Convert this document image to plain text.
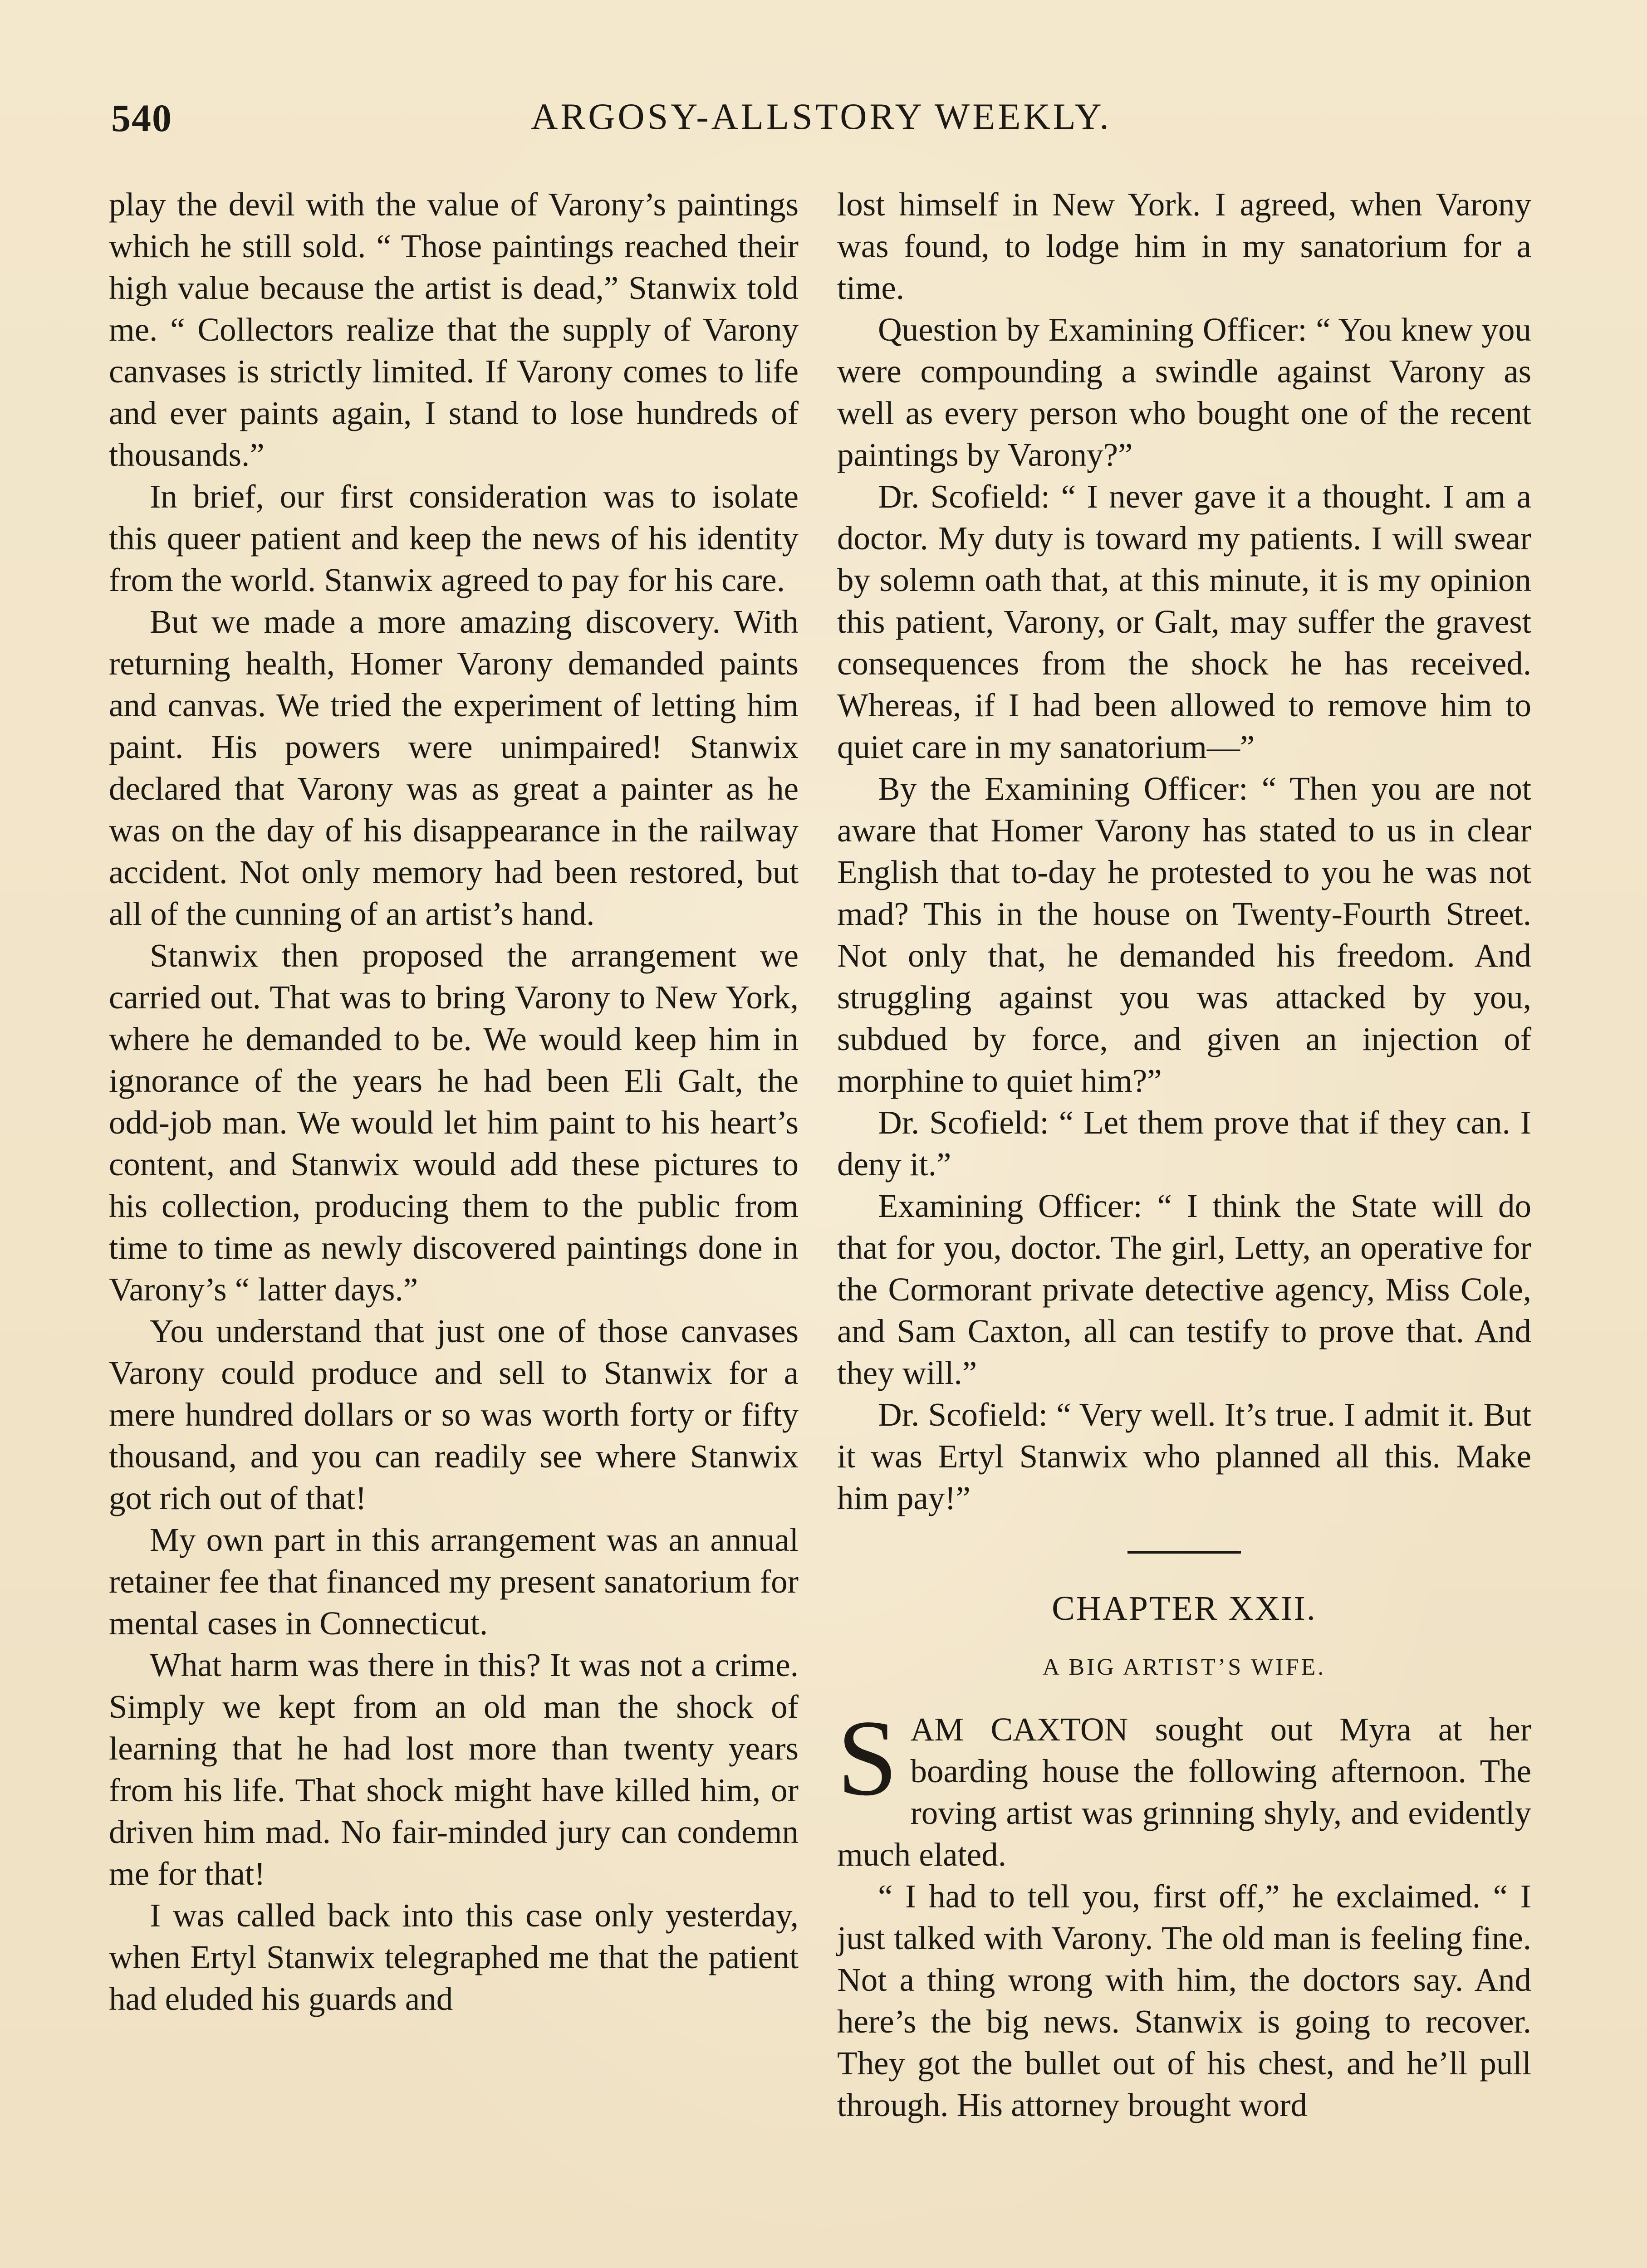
540	ARGOSY-ALLSTORY WEEKLY.

play the devil with the value of Varony’s paintings which he still sold. “ Those paintings reached their high value because the artist is dead,” Stanwix told me. “ Collectors realize that the supply of Varony canvases is strictly limited. If Varony comes to life and ever paints again, I stand to lose hundreds of thousands.”

In brief, our first consideration was to isolate this queer patient and keep the news of his identity from the world. Stanwix agreed to pay for his care.

But we made a more amazing discovery. With returning health, Homer Varony demanded paints and canvas. We tried the experiment of letting him paint. His powers were unimpaired! Stanwix declared that Varony was as great a painter as he was on the day of his disappearance in the railway accident. Not only memory had been restored, but all of the cunning of an artist’s hand.

Stanwix then proposed the arrangement we carried out. That was to bring Varony to New York, where he demanded to be. We would keep him in ignorance of the years he had been Eli Galt, the odd-job man. We would let him paint to his heart’s content, and Stanwix would add these pictures to his collection, producing them to the public from time to time as newly discovered paintings done in Varony’s “ latter days.”

You understand that just one of those canvases Varony could produce and sell to Stanwix for a mere hundred dollars or so was worth forty or fifty thousand, and you can readily see where Stanwix got rich out of that!

My own part in this arrangement was an annual retainer fee that financed my present sanatorium for mental cases in Connecticut.

What harm was there in this? It was not a crime. Simply we kept from an old man the shock of learning that he had lost more than twenty years from his life. That shock might have killed him, or driven him mad. No fair-minded jury can condemn me for that!

I was called back into this case only yesterday, when Ertyl Stanwix telegraphed me that the patient had eluded his guards and

lost himself in New York. I agreed, when Varony was found, to lodge him in my sanatorium for a time.

Question by Examining Officer: “ You knew you were compounding a swindle against Varony as well as every person who bought one of the recent paintings by Varony?”

Dr. Scofield: “ I never gave it a thought. I am a doctor. My duty is toward my patients. I will swear by solemn oath that, at this minute, it is my opinion this patient, Varony, or Galt, may suffer the gravest consequences from the shock he has received. Whereas, if I had been allowed to remove him to quiet care in my sanatorium—”

By the Examining Officer: “ Then you are not aware that Homer Varony has stated to us in clear English that to-day he protested to you he was not mad? This in the house on Twenty-Fourth Street. Not only that, he demanded his freedom. And struggling against you was attacked by you, subdued by force, and given an injection of morphine to quiet him?”

Dr. Scofield: “ Let them prove that if they can. I deny it.”

Examining Officer: “ I think the State will do that for you, doctor. The girl, Letty, an operative for the Cormorant private detective agency, Miss Cole, and Sam Caxton, all can testify to prove that. And they will.”

Dr. Scofield: “ Very well. It’s true. I admit it. But it was Ertyl Stanwix who planned all this. Make him pay!”

CHAPTER XXII.
A BIG ARTIST’S WIFE.

SAM CAXTON sought out Myra at her boarding house the following afternoon. The roving artist was grinning shyly, and evidently much elated.

“ I had to tell you, first off,” he exclaimed. “ I just talked with Varony. The old man is feeling fine. Not a thing wrong with him, the doctors say. And here’s the big news. Stanwix is going to recover. They got the bullet out of his chest, and he’ll pull through. His attorney brought word
